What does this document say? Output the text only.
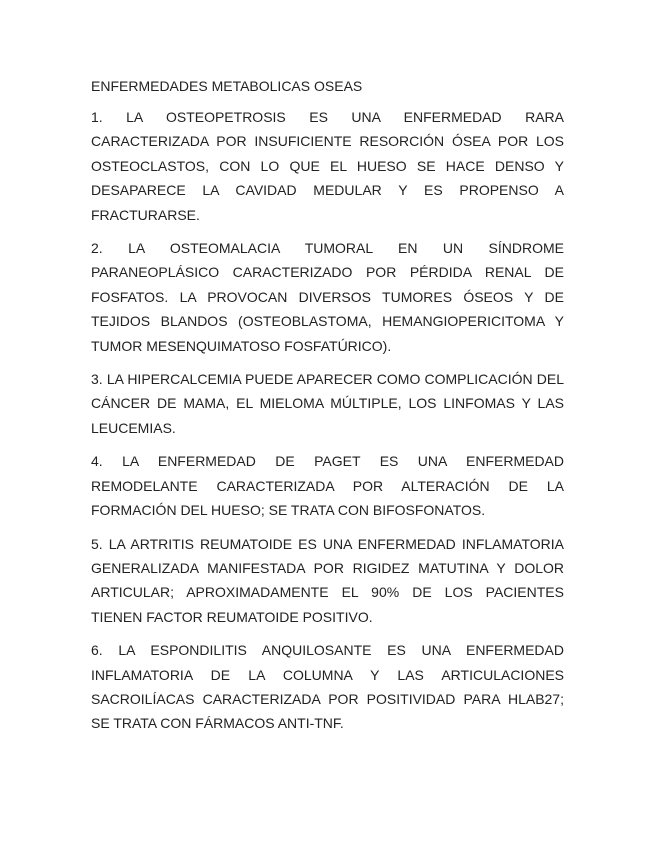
ENFERMEDADES METABOLICAS OSEAS

1. LA OSTEOPETROSIS ES UNA ENFERMEDAD RARA CARACTERIZADA POR INSUFICIENTE RESORCIÓN ÓSEA POR LOS OSTEOCLASTOS, CON LO QUE EL HUESO SE HACE DENSO Y DESAPARECE LA CAVIDAD MEDULAR Y ES PROPENSO A FRACTURARSE.

2. LA OSTEOMALACIA TUMORAL EN UN SÍNDROME PARANEOPLÁSICO CARACTERIZADO POR PÉRDIDA RENAL DE FOSFATOS. LA PROVOCAN DIVERSOS TUMORES ÓSEOS Y DE TEJIDOS BLANDOS (OSTEOBLASTOMA, HEMANGIOPERICITOMA Y TUMOR MESENQUIMATOSO FOSFATÚRICO).

3. LA HIPERCALCEMIA PUEDE APARECER COMO COMPLICACIÓN DEL CÁNCER DE MAMA, EL MIELOMA MÚLTIPLE, LOS LINFOMAS Y LAS LEUCEMIAS.

4. LA ENFERMEDAD DE PAGET ES UNA ENFERMEDAD REMODELANTE CARACTERIZADA POR ALTERACIÓN DE LA FORMACIÓN DEL HUESO; SE TRATA CON BIFOSFONATOS.

5. LA ARTRITIS REUMATOIDE ES UNA ENFERMEDAD INFLAMATORIA GENERALIZADA MANIFESTADA POR RIGIDEZ MATUTINA Y DOLOR ARTICULAR; APROXIMADAMENTE EL 90% DE LOS PACIENTES TIENEN FACTOR REUMATOIDE POSITIVO.

6. LA ESPONDILITIS ANQUILOSANTE ES UNA ENFERMEDAD INFLAMATORIA DE LA COLUMNA Y LAS ARTICULACIONES SACROILÍACAS CARACTERIZADA POR POSITIVIDAD PARA HLAB27; SE TRATA CON FÁRMACOS ANTI-TNF.
